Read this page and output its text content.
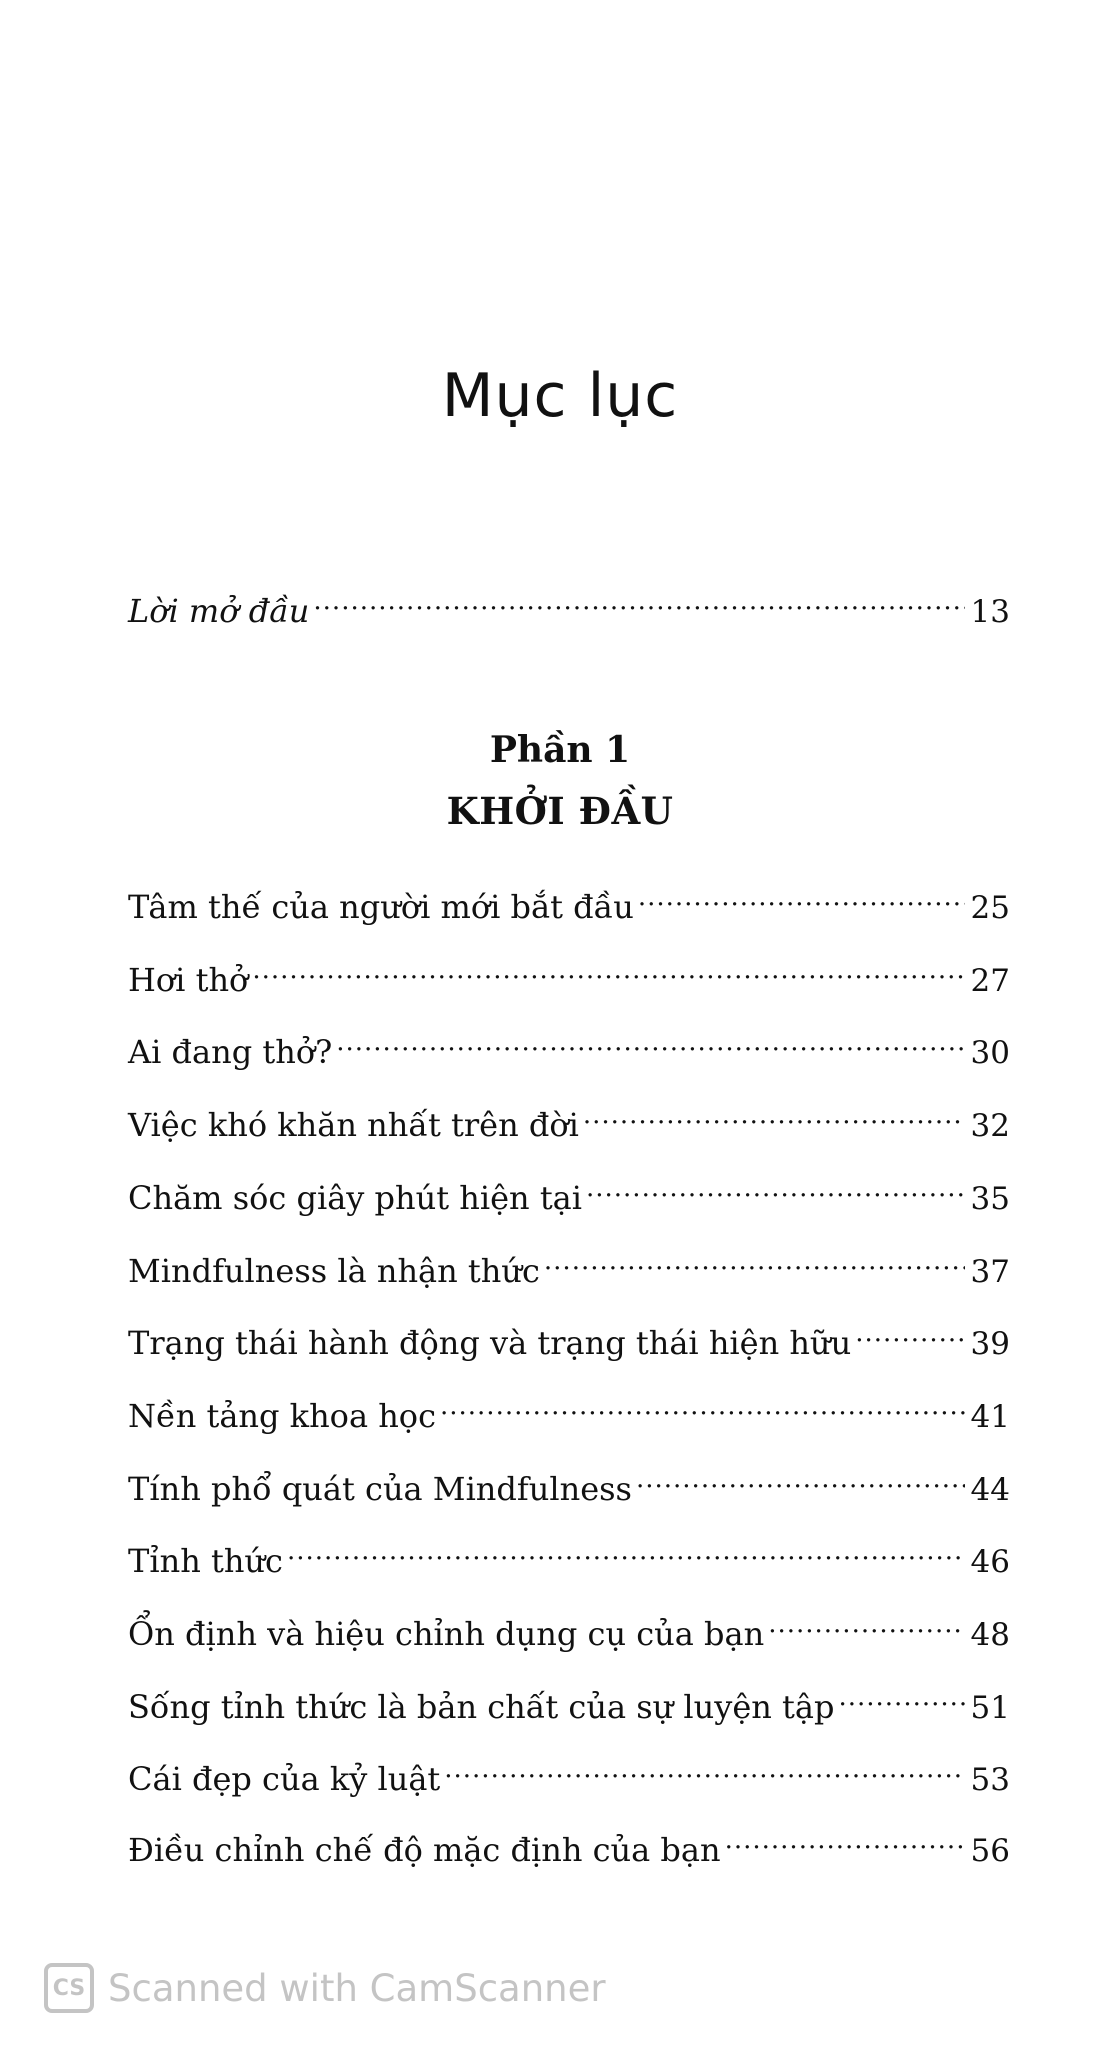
Mục lục
Lời mở đầu .....	13
Phần 1
KHỞI ĐẦU
Tâm thế của người mới bắt đầu .....	25
Hơi thở .....	27
Ai đang thở? .....	30
Việc khó khăn nhất trên đời .....	32
Chăm sóc giây phút hiện tại .....	35
Mindfulness là nhận thức .....	37
Trạng thái hành động và trạng thái hiện hữu .....	39
Nền tảng khoa học .....	41
Tính phổ quát của Mindfulness .....	44
Tỉnh thức .....	46
Ổn định và hiệu chỉnh dụng cụ của bạn .....	48
Sống tỉnh thức là bản chất của sự luyện tập .....	51
Cái đẹp của kỷ luật .....	53
Điều chỉnh chế độ mặc định của bạn .....	56
CS Scanned with CamScanner
